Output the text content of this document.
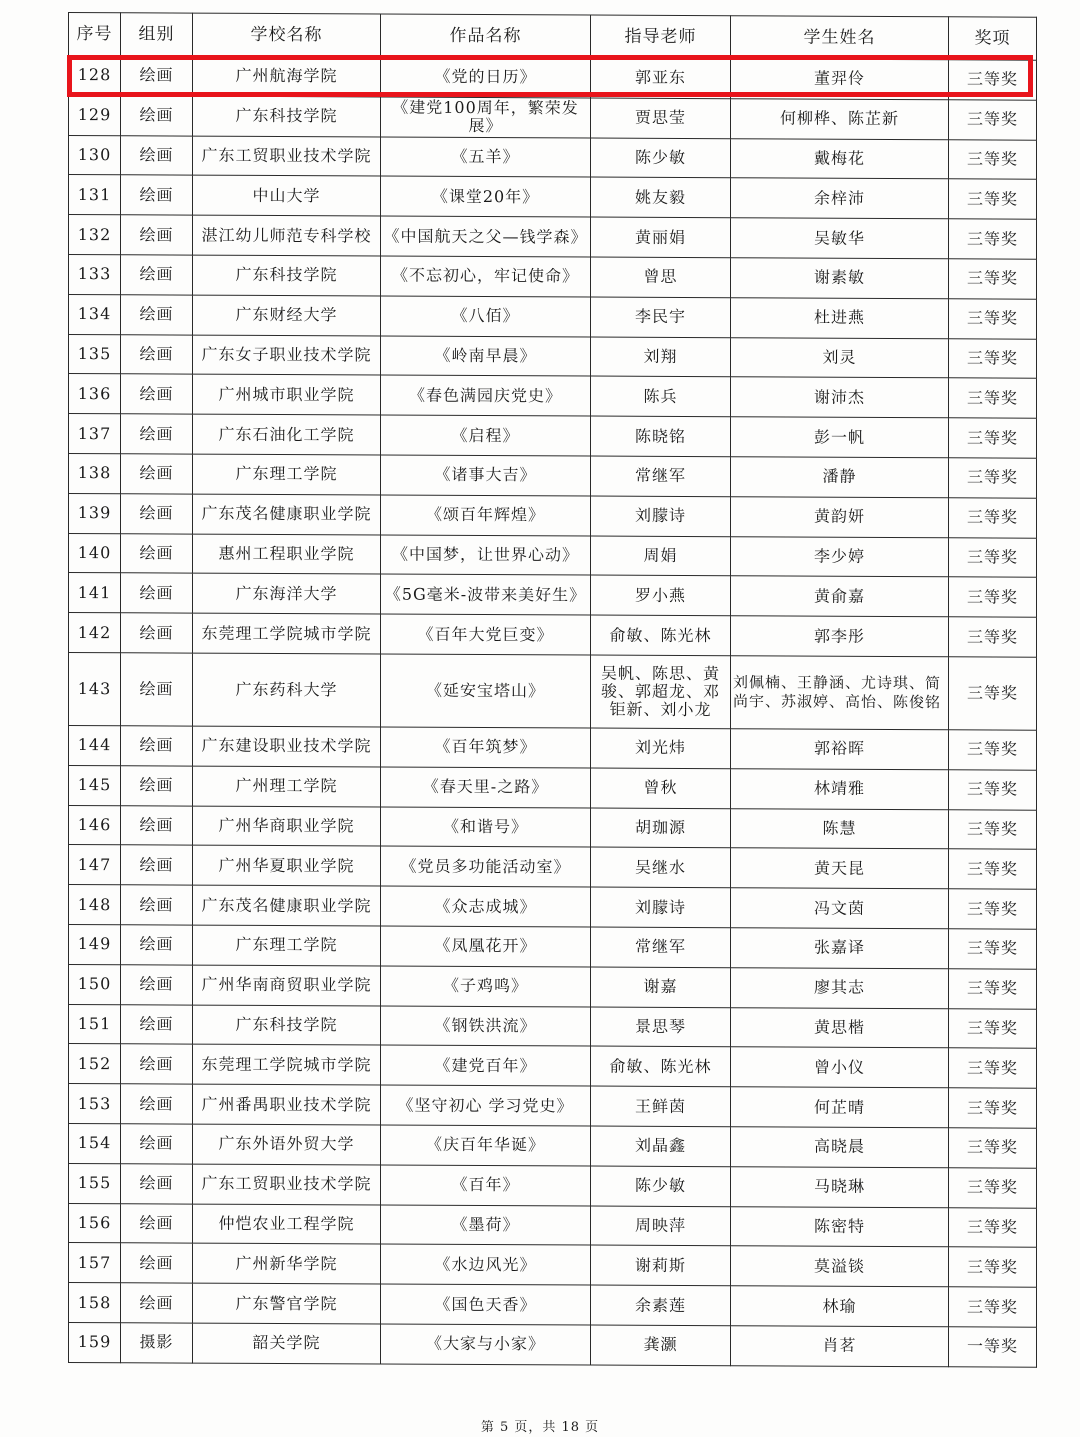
序号	组别	学校名称	作品名称	指导老师	学生姓名	奖项
128	绘画	广州航海学院	《党的日历》	郭亚东	董羿伶	三等奖
129	绘画	广东科技学院	《建党100周年，繁荣发展》	贾思莹	何柳桦、陈芷新	三等奖
130	绘画	广东工贸职业技术学院	《五羊》	陈少敏	戴梅花	三等奖
131	绘画	中山大学	《课堂20年》	姚友毅	余梓沛	三等奖
132	绘画	湛江幼儿师范专科学校	《中国航天之父—钱学森》	黄丽娟	吴敏华	三等奖
133	绘画	广东科技学院	《不忘初心，牢记使命》	曾思	谢素敏	三等奖
134	绘画	广东财经大学	《八佰》	李民宇	杜进燕	三等奖
135	绘画	广东女子职业技术学院	《岭南早晨》	刘翔	刘灵	三等奖
136	绘画	广州城市职业学院	《春色满园庆党史》	陈兵	谢沛杰	三等奖
137	绘画	广东石油化工学院	《启程》	陈晓铭	彭一帆	三等奖
138	绘画	广东理工学院	《诸事大吉》	常继军	潘静	三等奖
139	绘画	广东茂名健康职业学院	《颂百年辉煌》	刘朦诗	黄韵妍	三等奖
140	绘画	惠州工程职业学院	《中国梦，让世界心动》	周娟	李少婷	三等奖
141	绘画	广东海洋大学	《5G毫米-波带来美好生》	罗小燕	黄俞嘉	三等奖
142	绘画	东莞理工学院城市学院	《百年大党巨变》	俞敏、陈光林	郭李彤	三等奖
143	绘画	广东药科大学	《延安宝塔山》	吴帆、陈思、黄骏、郭超龙、邓钜新、刘小龙	刘佩楠、王静涵、尤诗琪、简尚宇、苏淑婷、高怡、陈俊铭	三等奖
144	绘画	广东建设职业技术学院	《百年筑梦》	刘光炜	郭裕晖	三等奖
145	绘画	广州理工学院	《春天里-之路》	曾秋	林靖雅	三等奖
146	绘画	广州华商职业学院	《和谐号》	胡珈源	陈慧	三等奖
147	绘画	广州华夏职业学院	《党员多功能活动室》	吴继水	黄天昆	三等奖
148	绘画	广东茂名健康职业学院	《众志成城》	刘朦诗	冯文茵	三等奖
149	绘画	广东理工学院	《凤凰花开》	常继军	张嘉译	三等奖
150	绘画	广州华南商贸职业学院	《子鸡鸣》	谢嘉	廖其志	三等奖
151	绘画	广东科技学院	《钢铁洪流》	景思琴	黄思楷	三等奖
152	绘画	东莞理工学院城市学院	《建党百年》	俞敏、陈光林	曾小仪	三等奖
153	绘画	广州番禺职业技术学院	《坚守初心 学习党史》	王鲜茵	何芷晴	三等奖
154	绘画	广东外语外贸大学	《庆百年华诞》	刘晶鑫	高晓晨	三等奖
155	绘画	广东工贸职业技术学院	《百年》	陈少敏	马晓琳	三等奖
156	绘画	仲恺农业工程学院	《墨荷》	周映萍	陈密特	三等奖
157	绘画	广州新华学院	《水边风光》	谢莉斯	莫溢锬	三等奖
158	绘画	广东警官学院	《国色天香》	余素莲	林瑜	三等奖
159	摄影	韶关学院	《大家与小家》	龚灏	肖茗	一等奖
第 5 页，共 18 页
